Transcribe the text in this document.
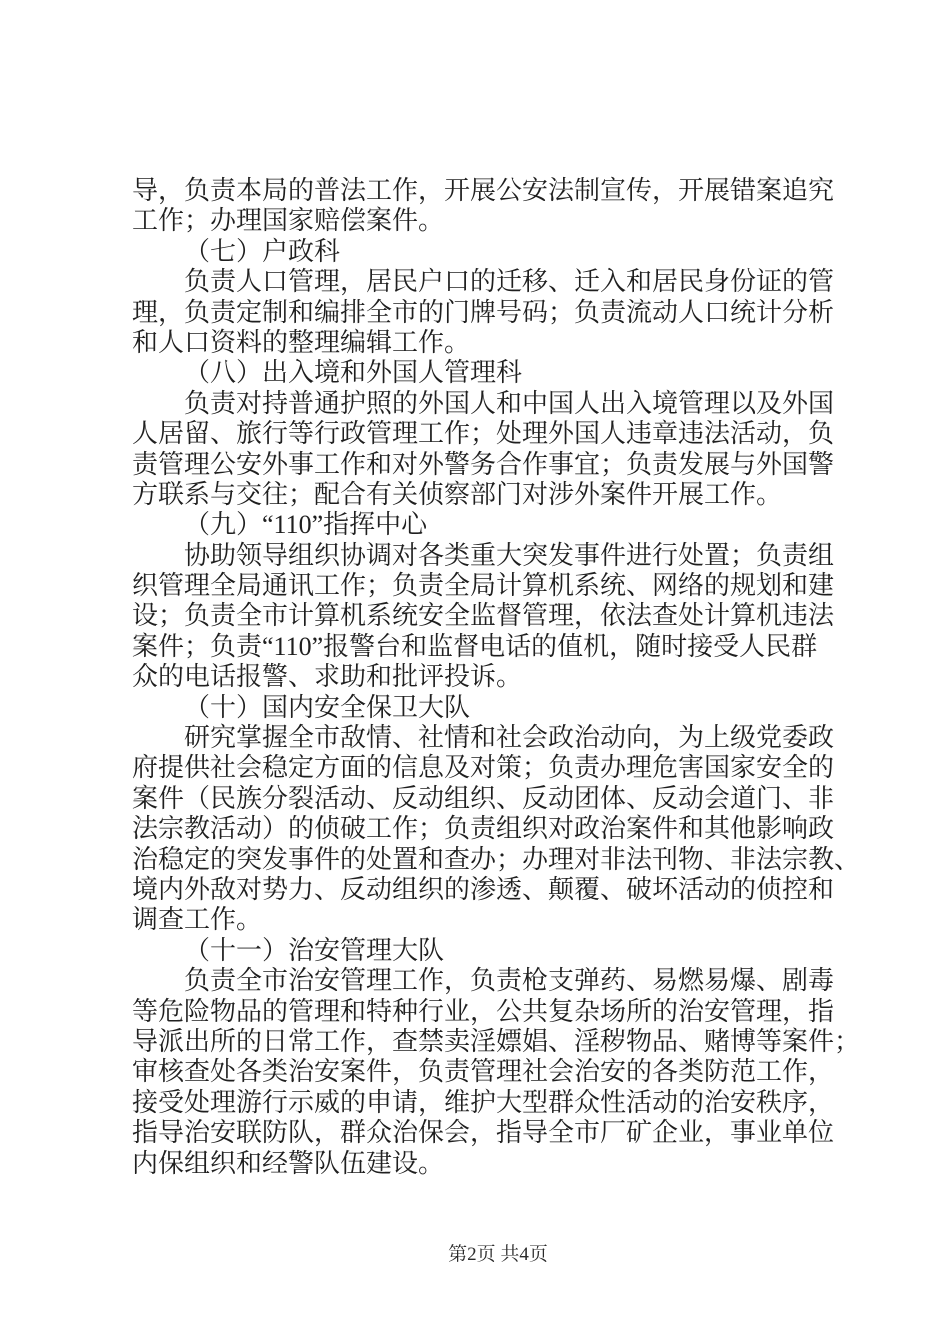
导，负责本局的普法工作，开展公安法制宣传，开展错案追究
工作；办理国家赔偿案件。
（七）户政科
负责人口管理，居民户口的迁移、迁入和居民身份证的管
理，负责定制和编排全市的门牌号码；负责流动人口统计分析
和人口资料的整理编辑工作。
（八）出入境和外国人管理科
负责对持普通护照的外国人和中国人出入境管理以及外国
人居留、旅行等行政管理工作；处理外国人违章违法活动，负
责管理公安外事工作和对外警务合作事宜；负责发展与外国警
方联系与交往；配合有关侦察部门对涉外案件开展工作。
（九）“110”指挥中心
协助领导组织协调对各类重大突发事件进行处置；负责组
织管理全局通讯工作；负责全局计算机系统、网络的规划和建
设；负责全市计算机系统安全监督管理，依法查处计算机违法
案件；负责“110”报警台和监督电话的值机，随时接受人民群
众的电话报警、求助和批评投诉。
（十）国内安全保卫大队
研究掌握全市敌情、社情和社会政治动向，为上级党委政
府提供社会稳定方面的信息及对策；负责办理危害国家安全的
案件（民族分裂活动、反动组织、反动团体、反动会道门、非
法宗教活动）的侦破工作；负责组织对政治案件和其他影响政
治稳定的突发事件的处置和查办；办理对非法刊物、非法宗教、
境内外敌对势力、反动组织的渗透、颠覆、破坏活动的侦控和
调查工作。
（十一）治安管理大队
负责全市治安管理工作，负责枪支弹药、易燃易爆、剧毒
等危险物品的管理和特种行业，公共复杂场所的治安管理，指
导派出所的日常工作，查禁卖淫嫖娼、淫秽物品、赌博等案件；
审核查处各类治安案件，负责管理社会治安的各类防范工作，
接受处理游行示威的申请，维护大型群众性活动的治安秩序，
指导治安联防队，群众治保会，指导全市厂矿企业，事业单位
内保组织和经警队伍建设。
第2页 共4页
